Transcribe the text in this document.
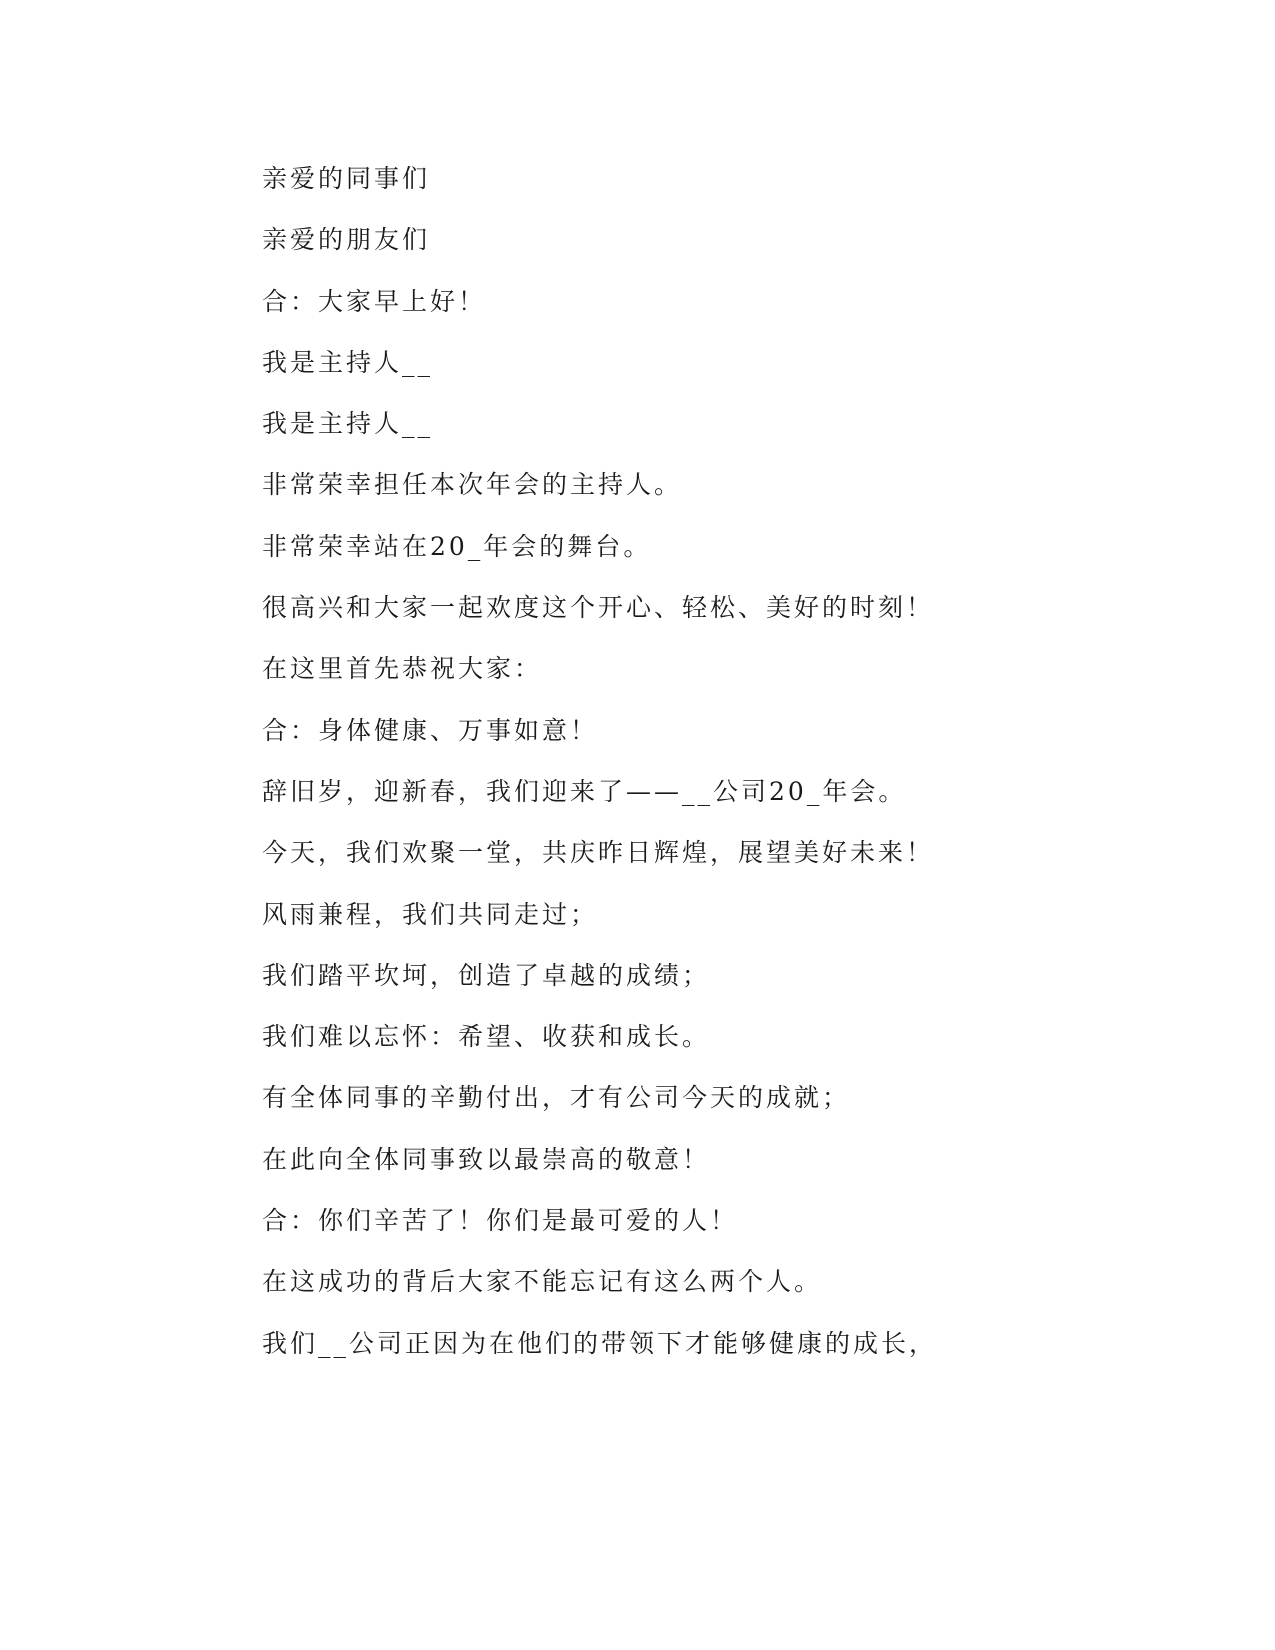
亲爱的同事们
亲爱的朋友们
合：大家早上好！
我是主持人__
我是主持人__
非常荣幸担任本次年会的主持人。
非常荣幸站在20_年会的舞台。
很高兴和大家一起欢度这个开心、轻松、美好的时刻！
在这里首先恭祝大家：
合：身体健康、万事如意！
辞旧岁，迎新春，我们迎来了——__公司20_年会。
今天，我们欢聚一堂，共庆昨日辉煌，展望美好未来！
风雨兼程，我们共同走过；
我们踏平坎坷，创造了卓越的成绩；
我们难以忘怀：希望、收获和成长。
有全体同事的辛勤付出，才有公司今天的成就；
在此向全体同事致以最崇高的敬意！
合：你们辛苦了！你们是最可爱的人！
在这成功的背后大家不能忘记有这么两个人。
我们__公司正因为在他们的带领下才能够健康的成长，
